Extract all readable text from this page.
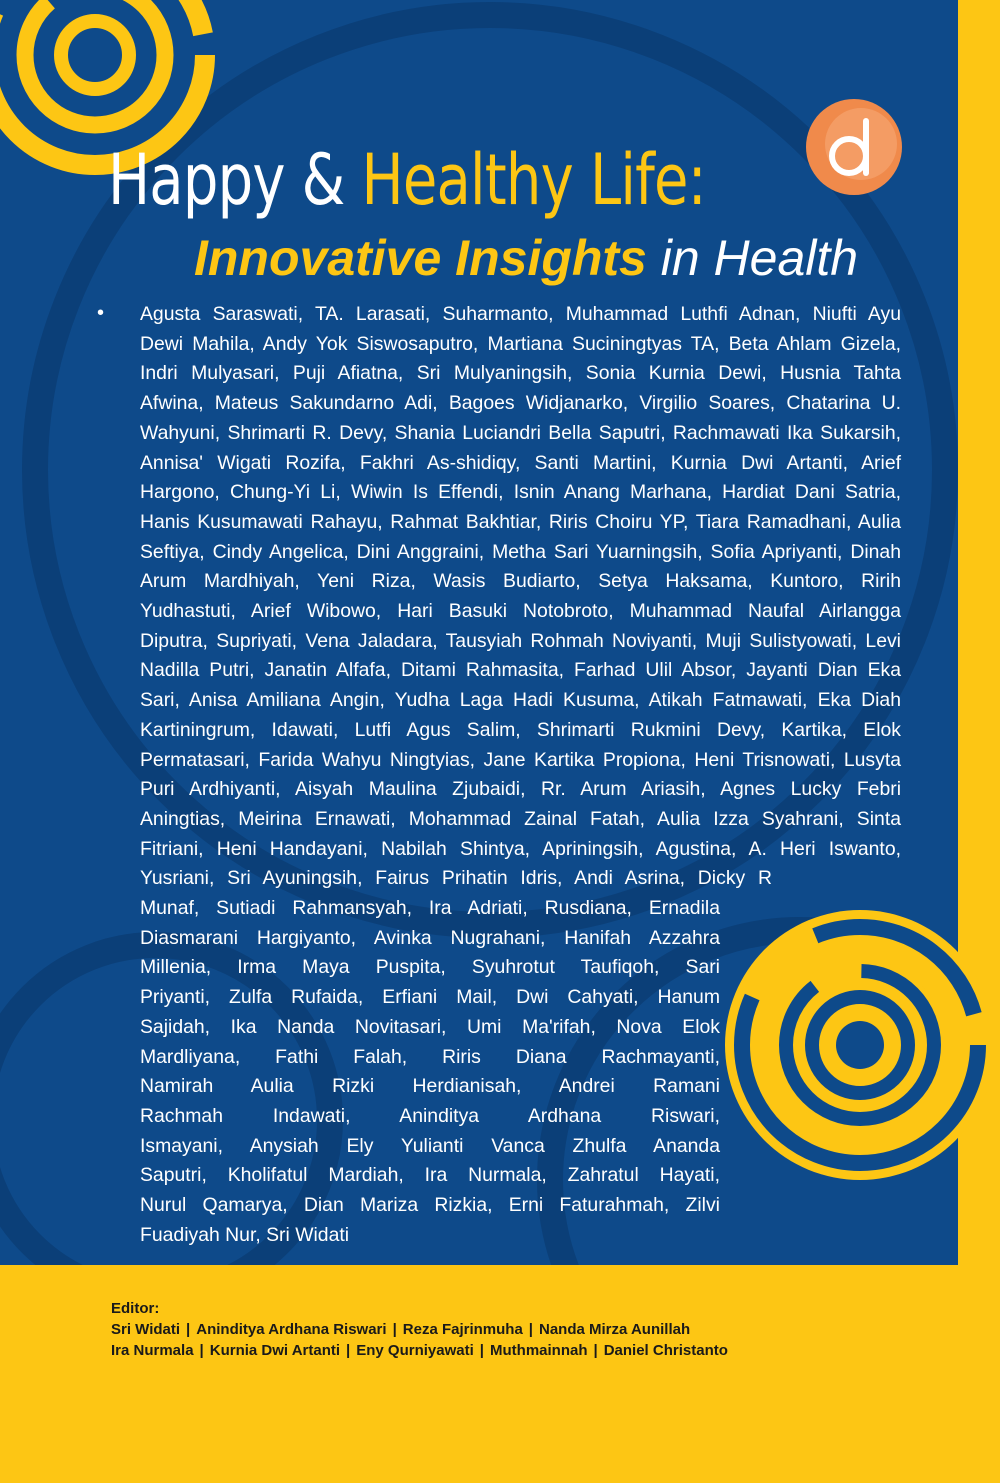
Happy & Healthy Life:
Innovative Insights in Health
• Agusta Saraswati, TA. Larasati, Suharmanto, Muhammad Luthfi Adnan, Niufti Ayu
Dewi Mahila, Andy Yok Siswosaputro, Martiana Suciningtyas TA, Beta Ahlam Gizela,
Indri Mulyasari, Puji Afiatna, Sri Mulyaningsih, Sonia Kurnia Dewi, Husnia Tahta
Afwina, Mateus Sakundarno Adi, Bagoes Widjanarko, Virgilio Soares, Chatarina U.
Wahyuni, Shrimarti R. Devy, Shania Luciandri Bella Saputri, Rachmawati Ika Sukarsih,
Annisa' Wigati Rozifa, Fakhri As-shidiqy, Santi Martini, Kurnia Dwi Artanti, Arief
Hargono, Chung-Yi Li, Wiwin Is Effendi, Isnin Anang Marhana, Hardiat Dani Satria,
Hanis Kusumawati Rahayu, Rahmat Bakhtiar, Riris Choiru YP, Tiara Ramadhani, Aulia
Seftiya, Cindy Angelica, Dini Anggraini, Metha Sari Yuarningsih, Sofia Apriyanti, Dinah
Arum Mardhiyah, Yeni Riza, Wasis Budiarto, Setya Haksama, Kuntoro, Ririh
Yudhastuti, Arief Wibowo, Hari Basuki Notobroto, Muhammad Naufal Airlangga
Diputra, Supriyati, Vena Jaladara, Tausyiah Rohmah Noviyanti, Muji Sulistyowati, Levi
Nadilla Putri, Janatin Alfafa, Ditami Rahmasita, Farhad Ulil Absor, Jayanti Dian Eka
Sari, Anisa Amiliana Angin, Yudha Laga Hadi Kusuma, Atikah Fatmawati, Eka Diah
Kartiningrum, Idawati, Lutfi Agus Salim, Shrimarti Rukmini Devy, Kartika, Elok
Permatasari, Farida Wahyu Ningtyias, Jane Kartika Propiona, Heni Trisnowati, Lusyta
Puri Ardhiyanti, Aisyah Maulina Zjubaidi, Rr. Arum Ariasih, Agnes Lucky Febri
Aningtias, Meirina Ernawati, Mohammad Zainal Fatah, Aulia Izza Syahrani, Sinta
Fitriani, Heni Handayani, Nabilah Shintya, Apriningsih, Agustina, A. Heri Iswanto,
Yusriani, Sri Ayuningsih, Fairus Prihatin Idris, Andi Asrina, Dicky R
Munaf, Sutiadi Rahmansyah, Ira Adriati, Rusdiana, Ernadila
Diasmarani Hargiyanto, Avinka Nugrahani, Hanifah Azzahra
Millenia, Irma Maya Puspita, Syuhrotut Taufiqoh, Sari
Priyanti, Zulfa Rufaida, Erfiani Mail, Dwi Cahyati, Hanum
Sajidah, Ika Nanda Novitasari, Umi Ma'rifah, Nova Elok
Mardliyana, Fathi Falah, Riris Diana Rachmayanti,
Namirah Aulia Rizki Herdianisah, Andrei Ramani
Rachmah Indawati, Aninditya Ardhana Riswari,
Ismayani, Anysiah Ely Yulianti Vanca Zhulfa Ananda
Saputri, Kholifatul Mardiah, Ira Nurmala, Zahratul Hayati,
Nurul Qamarya, Dian Mariza Rizkia, Erni Faturahmah, Zilvi
Fuadiyah Nur, Sri Widati
Editor:
Sri Widati | Aninditya Ardhana Riswari | Reza Fajrinmuha | Nanda Mirza Aunillah
Ira Nurmala | Kurnia Dwi Artanti | Eny Qurniyawati | Muthmainnah | Daniel Christanto
